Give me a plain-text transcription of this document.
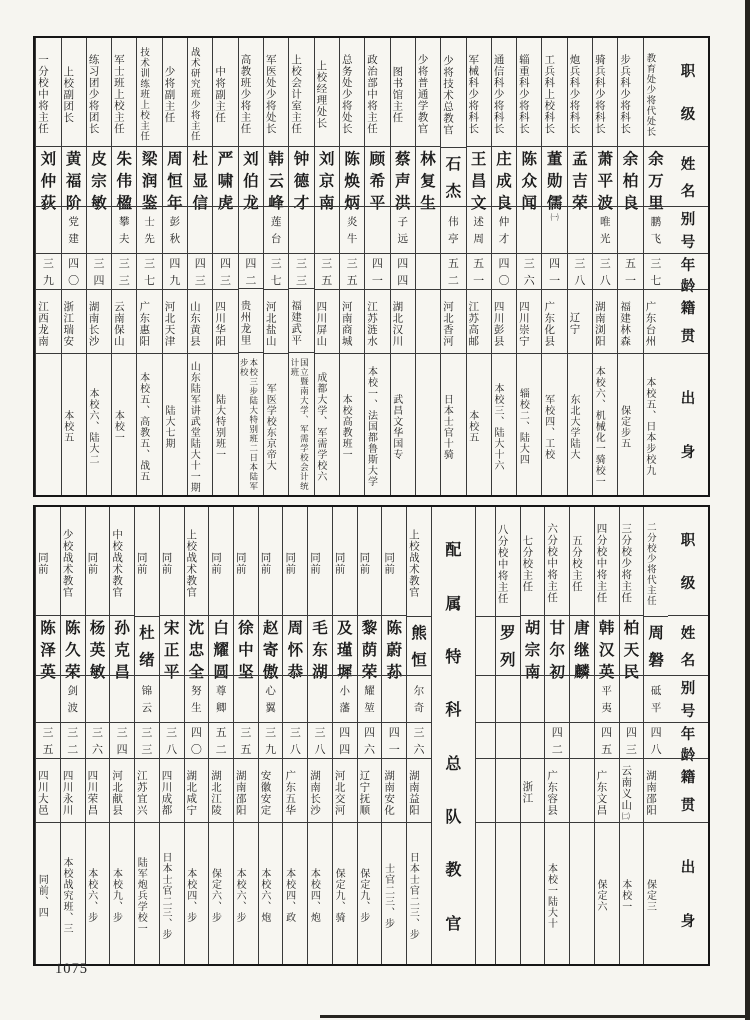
职
级
姓
名
别
号
年
龄
籍
贯
出
身
教育处少将代处长
余
万
里
鹏
飞
三
七
广东台州
本校五、日本步校九
步兵科少将科长
余
柏
良
五
一
福建林森
保定步五
骑兵科少将科长
萧
平
波
唯
光
三
八
湖南浏阳
本校六、机械化一骑校一
炮兵科少将科长
孟
吉
荣
三
八
辽宁
东北大学陆大
工兵科上校科长
董
勋
儒
㈠
四
一
广东化县
军校四、工校
辎重科少将科长
陈
众
闻
三
六
四川崇宁
辎校二、陆大四
通信科少将科长
庄
成
良
仲
才
四
〇
四川彭县
本校三、陆大十六
军械科少将科长
王
昌
文
述
周
五
一
江苏高邮
本校五
少将技术总教官
石
杰
伟
亭
五
二
河北香河
日本士官十骑
少将普通学教官
林
复
生
图书馆主任
蔡
声
洪
子
远
四
四
湖北汉川
武昌文华国专
政治部中将主任
顾
希
平
四
一
江苏涟水
本校一、法国都鲁斯大学
总务处少将处长
陈
焕
炳
炎
牛
三
五
河南商城
本校高教班一
上校经理处长
刘
京
南
三
五
四川屏山
成都大学、军需学校六
上校会计室主任
钟
德
才
三
三
福建武平
国立暨南大学、军需学校会计统计班
军医处少将处长
韩
云
峰
莲
台
三
七
河北盐山
军医学校东京帝大
高教班少将主任
刘
伯
龙
四
二
贵州龙里
本校三步陆大特别班二日本陆军步校
中将副主任
严
啸
虎
四
三
四川华阳
陆大特别班一
战术研究班少将主任
杜
显
信
四
三
山东黄县
山东陆军讲武堂陆大十一期
少将副主任
周
恒
年
彭
秋
四
九
河北天津
陆大七期
技术训练班上校主任
梁
润
鉴
士
先
三
七
广东惠阳
本校五、高教五、战五
军士班上校主任
朱
伟
楹
攀
夫
三
三
云南保山
本校一
练习团少将团长
皮
宗
敏
三
四
湖南长沙
本校六、陆大二
上校副团长
黄
福
阶
党
建
四
〇
浙江瑞安
本校五
一分校中将主任
刘
仲
荻
三
九
江西龙南
职
级
姓
名
别
号
年
龄
籍
贯
出
身
二分校少将代主任
周
磐
砥
平
四
八
湖南邵阳
保定三
三分校少将主任
柏
天
民
四
三
云南义山㈡
本校一
四分校中将主任
韩
汉
英
平
夷
四
五
广东文昌
保定六
五分校主任
唐
继
麟
六分校中将主任
甘
尔
初
四
二
广东容县
本校一陆大十
七分校主任
胡
宗
南
浙江
八分校中将主任
罗
列
配
属
特
科
总
队
教
官
上校战术教官
熊
恒
尔
奇
三
六
湖南益阳
日本士官二三、步
同前
陈
蔚
荪
四
一
湖南安化
士官二三、步
同前
黎
荫
荣
耀
堃
四
六
辽宁抚顺
保定九、步
同前
及
瑾
墀
小
藩
四
四
河北交河
保定九、骑
同前
毛
东
湖
三
八
湖南长沙
本校四、炮
同前
周
怀
恭
三
八
广东五华
本校四、政
同前
赵
寄
傲
心
翼
三
九
安徽安定
本校六、炮
同前
徐
中
坚
三
五
湖南邵阳
本校六、步
同前
白
耀
圆
尊
卿
五
二
湖北江陵
保定六、步
上校战术教官
沈
忠
全
努
生
四
〇
湖北咸宁
本校四、步
同前
宋
正
平
三
八
四川成都
日本士官二三、步
同前
杜
绪
锦
云
三
三
江苏宜兴
陆军炮兵学校一
中校战术教官
孙
克
昌
三
四
河北献县
本校九、步
同前
杨
英
敏
三
六
四川荣昌
本校六、步
少校战术教官
陈
久
荣
剑
波
三
二
四川永川
本校战究班、三
同前
陈
泽
英
三
五
四川大邑
同前、四
1075
